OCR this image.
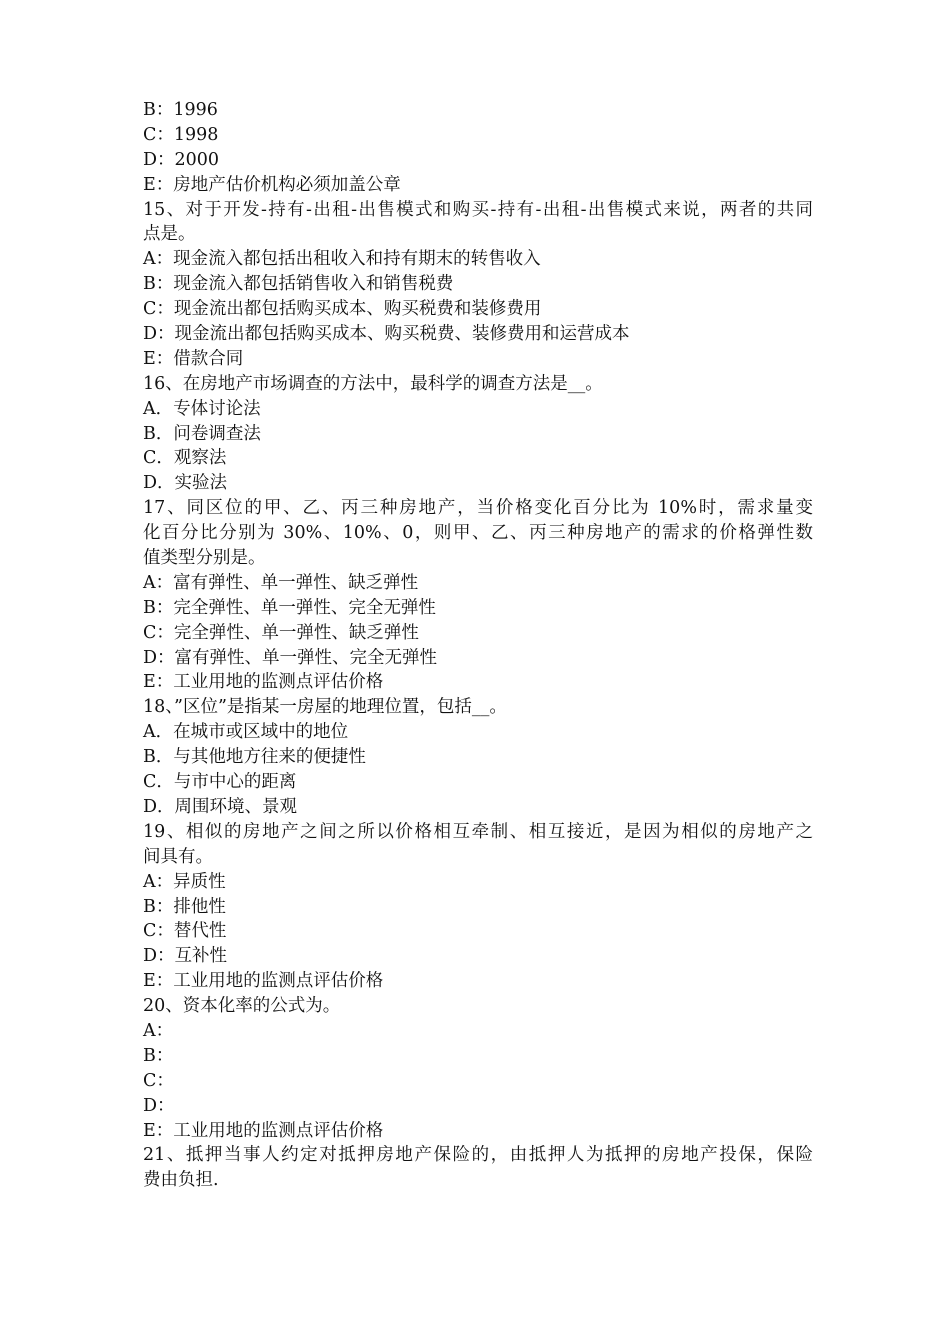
B：1996

C：1998

D：2000

E：房地产估价机构必须加盖公章

15、对于开发-持有-出租-出售模式和购买-持有-出租-出售模式来说，两者的共同

点是。

A：现金流入都包括出租收入和持有期末的转售收入

B：现金流入都包括销售收入和销售税费

C：现金流出都包括购买成本、购买税费和装修费用

D：现金流出都包括购买成本、购买税费、装修费用和运营成本

E：借款合同

16、在房地产市场调查的方法中，最科学的调查方法是__。

A．专体讨论法

B．问卷调查法

C．观察法

D．实验法

17、同区位的甲、乙、丙三种房地产，当价格变化百分比为 10%时，需求量变

化百分比分别为 30%、10%、0，则甲、乙、丙三种房地产的需求的价格弹性数

值类型分别是。

A：富有弹性、单一弹性、缺乏弹性

B：完全弹性、单一弹性、完全无弹性

C：完全弹性、单一弹性、缺乏弹性

D：富有弹性、单一弹性、完全无弹性

E：工业用地的监测点评估价格

18、”区位”是指某一房屋的地理位置，包括__。

A．在城市或区域中的地位

B．与其他地方往来的便捷性

C．与市中心的距离

D．周围环境、景观

19、相似的房地产之间之所以价格相互牵制、相互接近，是因为相似的房地产之

间具有。

A：异质性

B：排他性

C：替代性

D：互补性

E：工业用地的监测点评估价格

20、资本化率的公式为。

A：

B：

C：

D：

E：工业用地的监测点评估价格

21、抵押当事人约定对抵押房地产保险的，由抵押人为抵押的房地产投保，保险

费由负担.
